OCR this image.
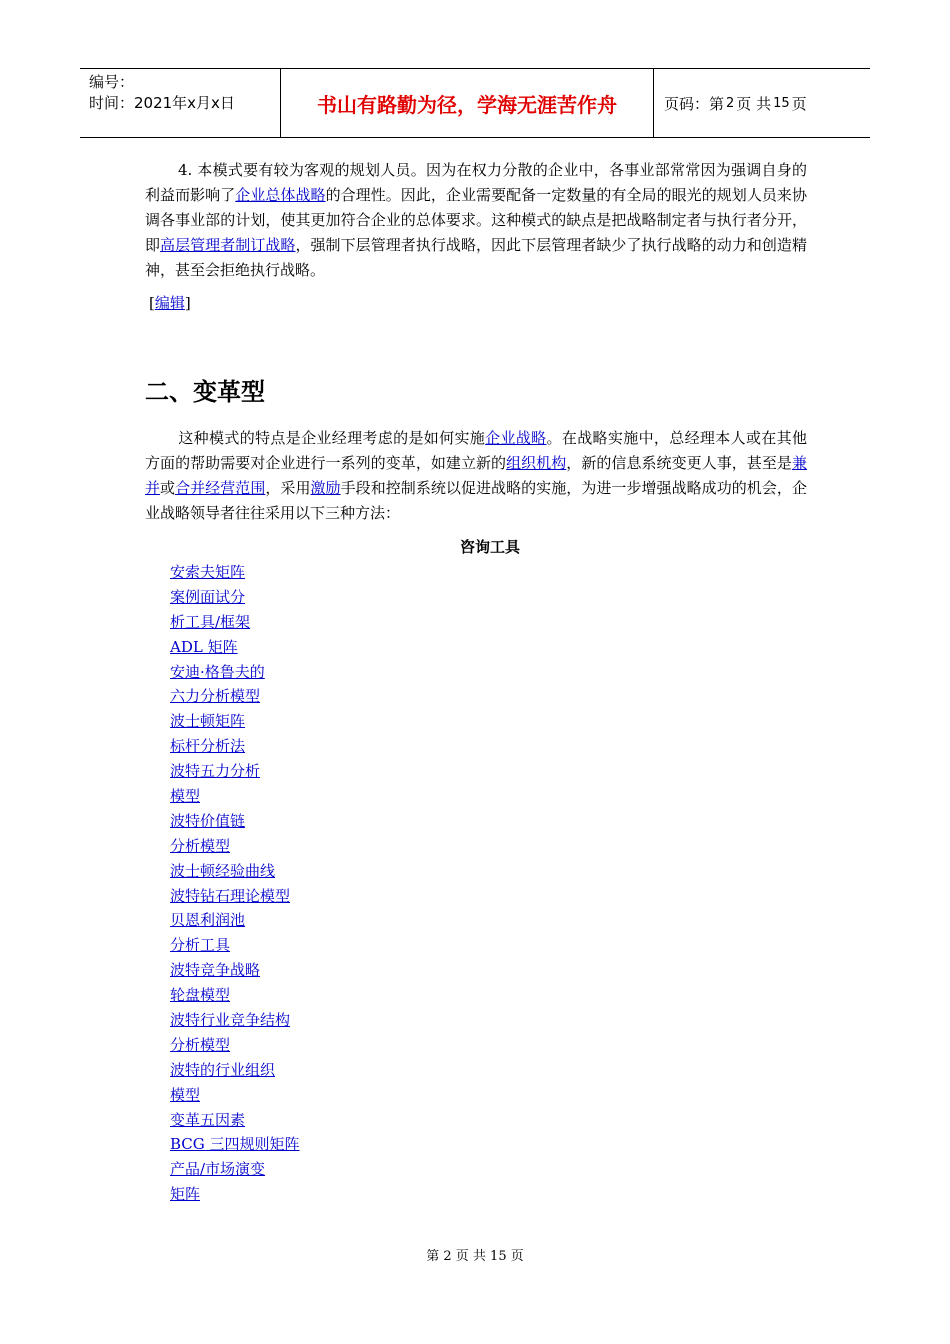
编号：
时间：2021年x月x日	书山有路勤为径，学海无涯苦作舟	页码：第 2 页 共 15 页

4. 本模式要有较为客观的规划人员。因为在权力分散的企业中，各事业部常常因为强调自身的利益而影响了企业总体战略的合理性。因此，企业需要配备一定数量的有全局的眼光的规划人员来协调各事业部的计划，使其更加符合企业的总体要求。这种模式的缺点是把战略制定者与执行者分开，即高层管理者制订战略，强制下层管理者执行战略，因此下层管理者缺少了执行战略的动力和创造精神，甚至会拒绝执行战略。

[编辑]
二、变革型

这种模式的特点是企业经理考虑的是如何实施企业战略。在战略实施中，总经理本人或在其他方面的帮助需要对企业进行一系列的变革，如建立新的组织机构，新的信息系统变更人事，甚至是兼并或合并经营范围，采用激励手段和控制系统以促进战略的实施，为进一步增强战略成功的机会，企业战略领导者往往采用以下三种方法：

咨询工具
安索夫矩阵
案例面试分
析工具/框架
ADL 矩阵
安迪·格鲁夫的
六力分析模型
波士顿矩阵
标杆分析法
波特五力分析
模型
波特价值链
分析模型
波士顿经验曲线
波特钻石理论模型
贝恩利润池
分析工具
波特竞争战略
轮盘模型
波特行业竞争结构
分析模型
波特的行业组织
模型
变革五因素
BCG 三四规则矩阵
产品/市场演变
矩阵
第 2 页 共 15 页
